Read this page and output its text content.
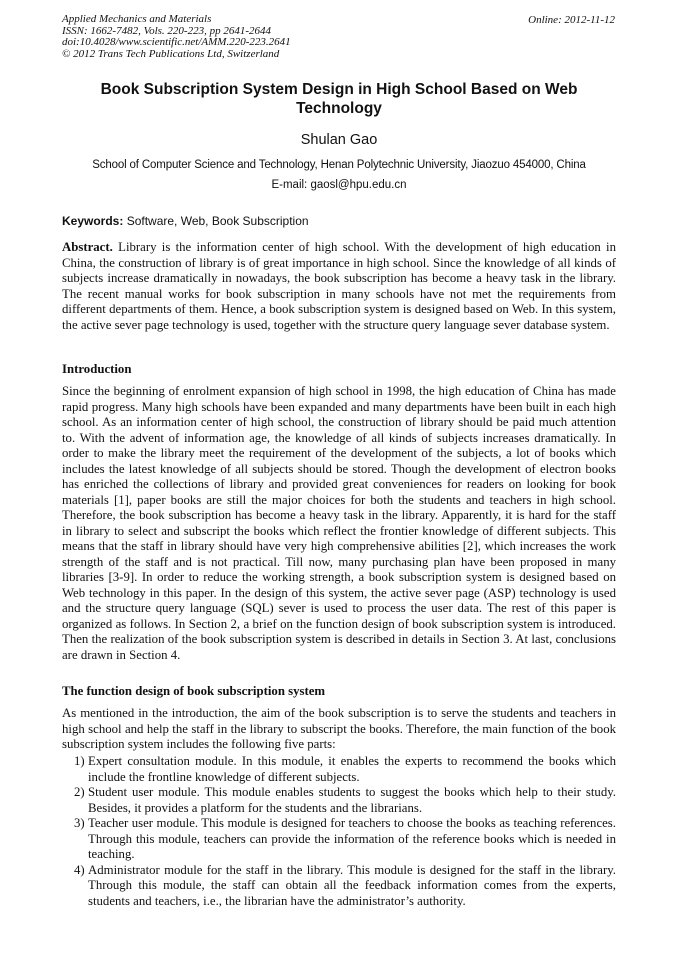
Applied Mechanics and Materials
ISSN: 1662-7482, Vols. 220-223, pp 2641-2644
doi:10.4028/www.scientific.net/AMM.220-223.2641
© 2012 Trans Tech Publications Ltd, Switzerland
Online: 2012-11-12
Book Subscription System Design in High School Based on Web Technology
Shulan Gao
School of Computer Science and Technology, Henan Polytechnic University, Jiaozuo 454000, China
E-mail: gaosl@hpu.edu.cn
Keywords: Software, Web, Book Subscription
Abstract. Library is the information center of high school. With the development of high education in China, the construction of library is of great importance in high school. Since the knowledge of all kinds of subjects increase dramatically in nowadays, the book subscription has become a heavy task in the library. The recent manual works for book subscription in many schools have not met the requirements from different departments of them. Hence, a book subscription system is designed based on Web. In this system, the active sever page technology is used, together with the structure query language sever database system.
Introduction
Since the beginning of enrolment expansion of high school in 1998, the high education of China has made rapid progress. Many high schools have been expanded and many departments have been built in each high school. As an information center of high school, the construction of library should be paid much attention to. With the advent of information age, the knowledge of all kinds of subjects increases dramatically. In order to make the library meet the requirement of the development of the subjects, a lot of books which includes the latest knowledge of all subjects should be stored. Though the development of electron books has enriched the collections of library and provided great conveniences for readers on looking for book materials [1], paper books are still the major choices for both the students and teachers in high school. Therefore, the book subscription has become a heavy task in the library. Apparently, it is hard for the staff in library to select and subscript the books which reflect the frontier knowledge of different subjects. This means that the staff in library should have very high comprehensive abilities [2], which increases the work strength of the staff and is not practical. Till now, many purchasing plan have been proposed in many libraries [3-9]. In order to reduce the working strength, a book subscription system is designed based on Web technology in this paper. In the design of this system, the active sever page (ASP) technology is used and the structure query language (SQL) sever is used to process the user data. The rest of this paper is organized as follows. In Section 2, a brief on the function design of book subscription system is introduced. Then the realization of the book subscription system is described in details in Section 3. At last, conclusions are drawn in Section 4.
The function design of book subscription system
As mentioned in the introduction, the aim of the book subscription is to serve the students and teachers in high school and help the staff in the library to subscript the books. Therefore, the main function of the book subscription system includes the following five parts:
1) Expert consultation module. In this module, it enables the experts to recommend the books which include the frontline knowledge of different subjects.
2) Student user module. This module enables students to suggest the books which help to their study. Besides, it provides a platform for the students and the librarians.
3) Teacher user module. This module is designed for teachers to choose the books as teaching references. Through this module, teachers can provide the information of the reference books which is needed in teaching.
4) Administrator module for the staff in the library. This module is designed for the staff in the library. Through this module, the staff can obtain all the feedback information comes from the experts, students and teachers, i.e., the librarian have the administrator’s authority.
